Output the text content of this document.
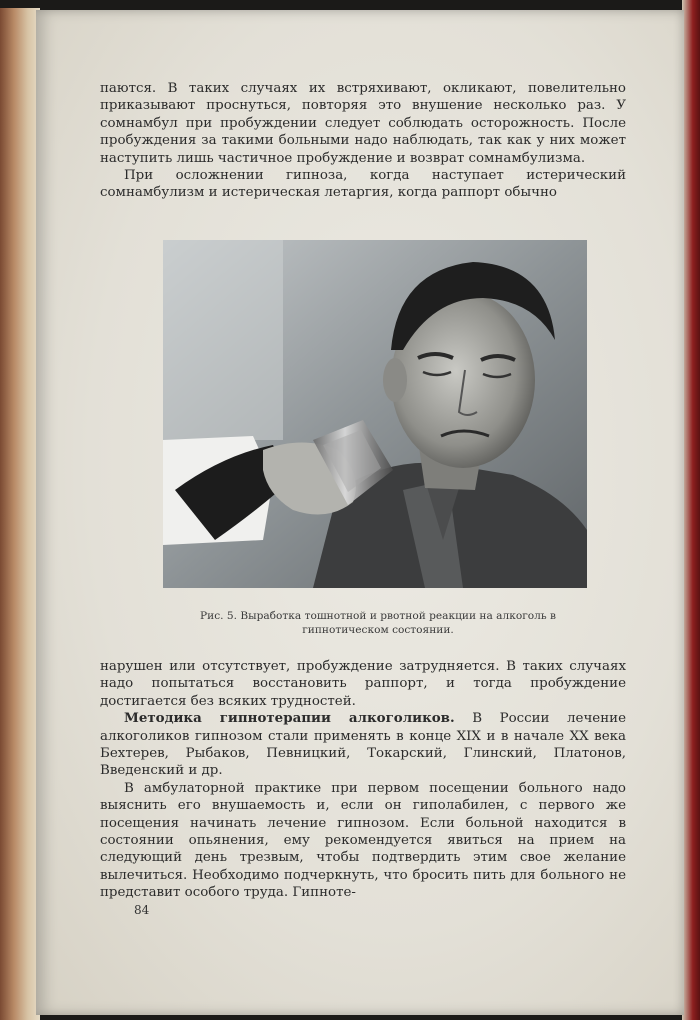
паются. В таких случаях их встряхивают, окликают, повелительно приказывают проснуться, повторяя это внушение несколько раз. У сомнамбул при пробуждении следует соблюдать осторожность. После пробуждения за такими больными надо наблюдать, так как у них может наступить лишь частичное пробуждение и возврат сомнамбулизма.

При осложнении гипноза, когда наступает истерический сомнамбулизм и истерическая летаргия, когда раппорт обычно

Рис. 5. Выработка тошнотной и рвотной реакции на алкоголь в гипнотическом состоянии.

нарушен или отсутствует, пробуждение затрудняется. В таких случаях надо попытаться восстановить раппорт, и тогда пробуждение достигается без всяких трудностей.

Методика гипнотерапии алкоголиков. В России лечение алкоголиков гипнозом стали применять в конце XIX и в начале XX века Бехтерев, Рыбаков, Певницкий, Токарский, Глинский, Платонов, Введенский и др.

В амбулаторной практике при первом посещении больного надо выяснить его внушаемость и, если он гиполабилен, с первого же посещения начинать лечение гипнозом. Если больной находится в состоянии опьянения, ему рекомендуется явиться на прием на следующий день трезвым, чтобы подтвердить этим свое желание вылечиться. Необходимо подчеркнуть, что бросить пить для больного не представит особого труда. Гипноте-

84
